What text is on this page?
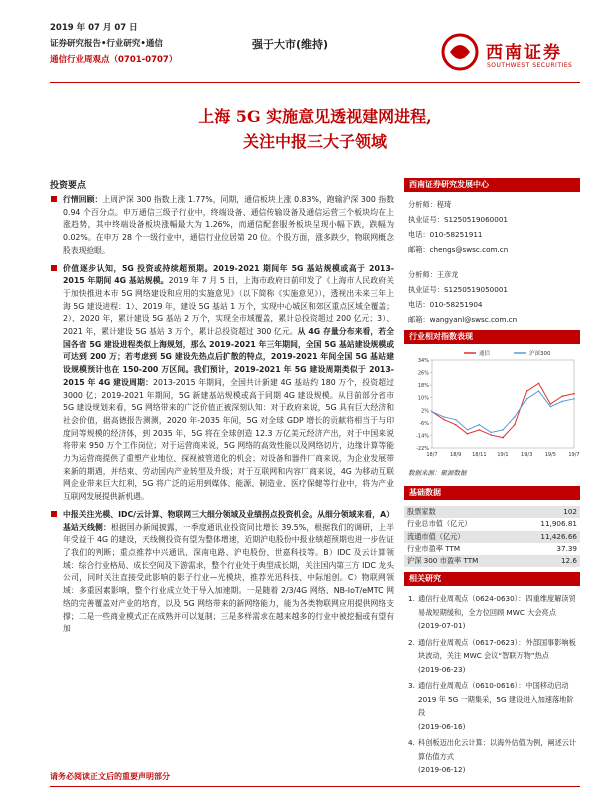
2019 年 07 月 07 日
证券研究报告•行业研究•通信
通信行业周观点（0701-0707）
强于大市(维持)	西南证券
SOUTHWEST SECURITIES
上海 5G 实施意见透视建网进程,
关注中报三大子领域
投资要点

行情回顾：上周沪深 300 指数上涨 1.77%，同期，通信板块上涨 0.83%，跑输沪深 300 指数 0.94 个百分点。申万通信三级子行业中，终端设备、通信传输设备及通信运营三个板块均在上涨趋势，其中终端设备板块涨幅最大为 1.26%，而通信配套服务板块呈现小幅下跌，跌幅为 0.02%。在申万 28 个一级行业中，通信行业位居第 20 位。个股方面，涨多跌少，物联网概念股表现抢眼。

价值逐步认知，5G 投资或持续超预期。2019-2021 期间年 5G 基站规模或高于 2013-2015 年期间 4G 基站规模。2019 年 7 月 5 日，上海市政府日前印发了《上海市人民政府关于加快推进本市 5G 网络建设和应用的实施意见》（以下简称《实施意见》），透视出未来三年上海 5G 建设进程：1）、2019 年，建设 5G 基站 1 万个，实现中心城区和郊区重点区域全覆盖；2）、2020 年，累计建设 5G 基站 2 万个，实现全市域覆盖，累计总投资超过 200 亿元；3）、2021 年，累计建设 5G 基站 3 万个，累计总投资超过 300 亿元。从 4G 存量分布来看，若全国各省 5G 建设进程类似上海规划，那么 2019-2021 年三年期间，全国 5G 基站建设规模或可达到 200 万；若考虑到 5G 建设先热点后扩散的特点，2019-2021 年间全国 5G 基站建设规模预计也在 150-200 万区间。我们预计，2019-2021 年 5G 建设周期类似于 2013-2015 年 4G 建设周期：2013-2015 年期间，全国共计新建 4G 基站约 180 万个，投资超过 3000 亿；2019-2021 年期间，5G 新建基站规模或高于同期 4G 建设规模。从目前部分省市 5G 建设规划来看，5G 网络带来的广泛价值正被深刻认知：对于政府来说，5G 具有巨大经济和社会价值，据高德报告测测，2020 年-2035 年间，5G 对全球 GDP 增长的贡献将相当于与印度同等规模的经济体，到 2035 年，5G 将在全球创造 12.3 万亿美元经济产出，对于中国来说将带来 950 万个工作岗位；对于运营商来说，5G 网络的高效性能以及网络切片，边缘计算等能力为运营商提供了重塑产业地位、探视被管道化的机会；对设备和器件厂商来说，为企业发展带来新的期遇，并结束、劳动国内产业转型及升级；对于互联网和内容厂商来说，4G 为移动互联网企业带来巨大红利，5G 将广泛的运用到媒体、能源、制造业、医疗保健等行业中，将为产业互联网发展提供新机遇。

中报关注光模、IDC/云计算、物联网三大细分领域及业绩拐点投资机会。从细分领域来看，A）基站天线侧：根据国办新闻披露，一季度通讯业投资同比增长 39.5%，根据我们的调研，上半年受益于 4G 的建设，天线侧投资有望为整体增速，近期沪电股份中报业绩超预期也进一步佐证了我们的判断；重点推荐中兴通讯、深南电路、沪电股份、世嘉科技等。B）IDC 及云计算领域：综合行业格局、成长空间及下游需求，整个行业处于典型成长期，关注国内第三方 IDC 龙头公司，同时关注直接受此影响的影子行业—光模块，推荐光迅科技、中际旭创。C）物联网领域：多重因素影响，整个行业成立处于导入加速期。一是随着 2/3/4G 网络、NB-IoT/eMTC 网络的完善覆盖对产业的培育，以及 5G 网络带来的新网络能力，能为各类物联网应用提供网络支撑；二是一些商业模式正在成熟并可以复制；三是多样需求在越来越多的行业中被挖掘或有望有加

西南证券研究发展中心
分析师：程琦
执业证号：S1250519060001
电话：010-58251911
邮箱：chengs@swsc.com.cn
分析师：王彦龙
执业证号：S1250519050001
电话：010-58251904
邮箱：wangyanl@swsc.com.cn
行业相对指数表现
34%
26%
18%
10%
2%
-6%
-14%
-22%
18/7 18/9 18/11 19/1 19/3 19/5 19/7
通信	沪深300
数据来源：聚源数据
基础数据
股票家数	102
行业总市值（亿元）	11,906.81
流通市值（亿元）	11,426.66
行业市盈率 TTM	37.39
沪深 300 市盈率 TTM	12.6
相关研究
1. 通信行业周观点（0624-0630）：四重维度解读贸易战短期缓和，全方位回顾 MWC 大会亮点
(2019-07-01)
2. 通信行业周观点（0617-0623）：外部国事影响板块波动，关注 MWC 会议“智联万物”热点
(2019-06-23)
3. 通信行业周观点（0610-0616）：中国移动启动 2019 年 5G 一期集采，5G 建设进入加速落地阶段
(2019-06-16)
4. 科创板迈出化云计算：以海外估值为例，阐述云计算估值方式
(2019-06-12)
请务必阅读正文后的重要声明部分
